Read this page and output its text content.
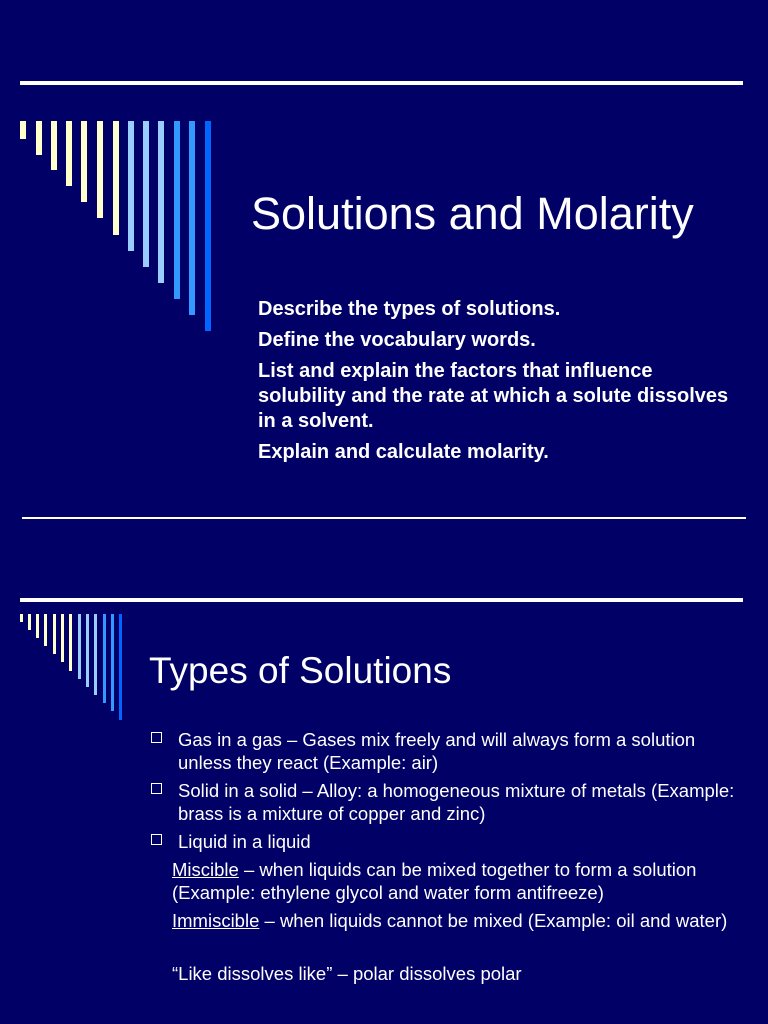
Solutions and Molarity
Describe the types of solutions.
Define the vocabulary words.
List and explain the factors that influence solubility and the rate at which a solute dissolves in a solvent.
Explain and calculate molarity.
Types of Solutions
Gas in a gas – Gases mix freely and will always form a solution unless they react (Example: air)
Solid in a solid – Alloy: a homogeneous mixture of metals (Example: brass is a mixture of copper and zinc)
Liquid in a liquid
Miscible – when liquids can be mixed together to form a solution (Example: ethylene glycol and water form antifreeze)
Immiscible – when liquids cannot be mixed (Example: oil and water)
“Like dissolves like” – polar dissolves polar
